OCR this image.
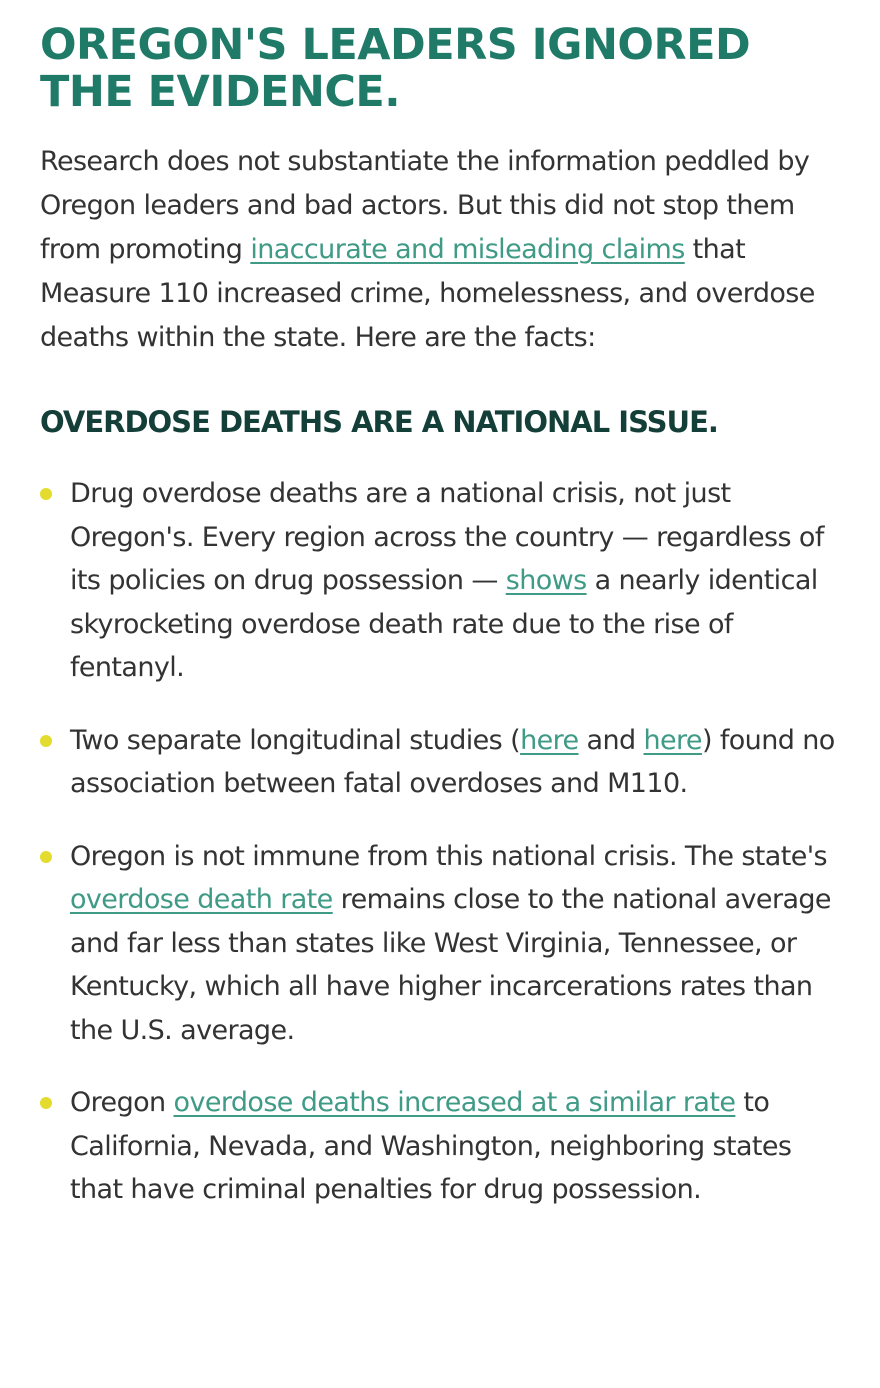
OREGON'S LEADERS IGNORED THE EVIDENCE.

Research does not substantiate the information peddled by Oregon leaders and bad actors. But this did not stop them from promoting inaccurate and misleading claims that Measure 110 increased crime, homelessness, and overdose deaths within the state. Here are the facts:

OVERDOSE DEATHS ARE A NATIONAL ISSUE.
Drug overdose deaths are a national crisis, not just Oregon's. Every region across the country — regardless of its policies on drug possession — shows a nearly identical skyrocketing overdose death rate due to the rise of fentanyl.
Two separate longitudinal studies (here and here) found no association between fatal overdoses and M110.
Oregon is not immune from this national crisis. The state's overdose death rate remains close to the national average and far less than states like West Virginia, Tennessee, or Kentucky, which all have higher incarcerations rates than the U.S. average.
Oregon overdose deaths increased at a similar rate to California, Nevada, and Washington, neighboring states that have criminal penalties for drug possession.
